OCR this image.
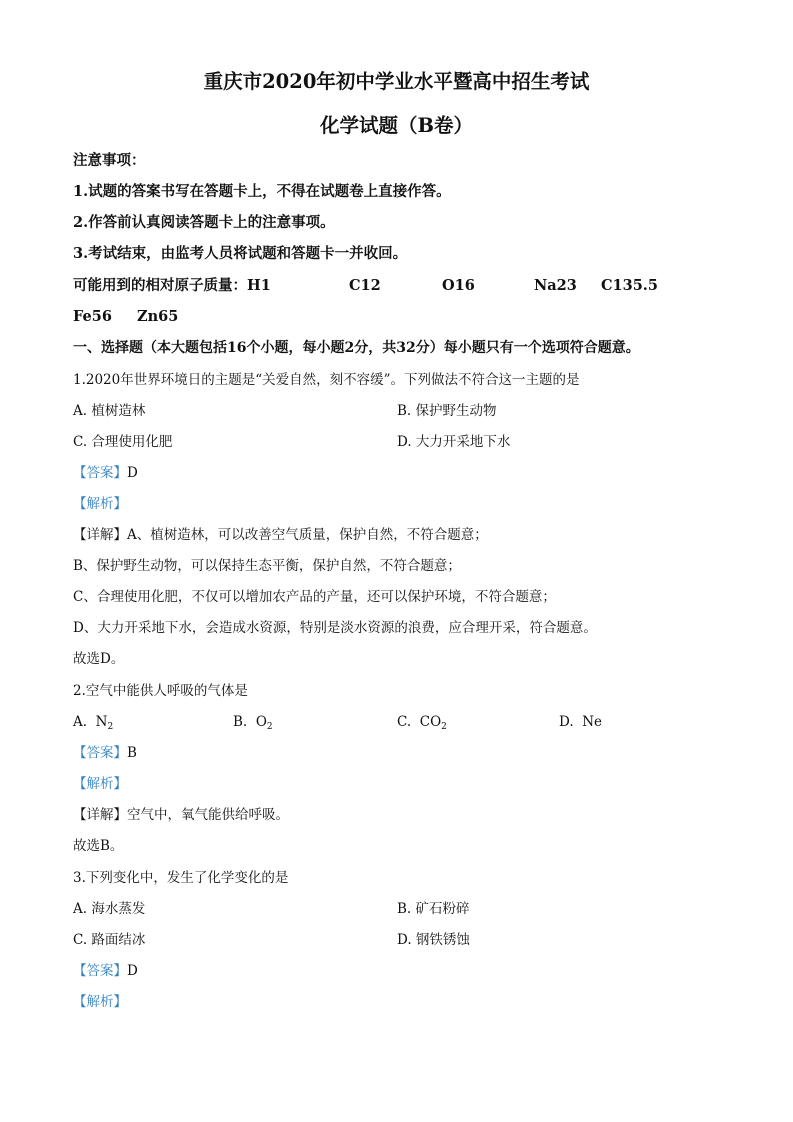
重庆市2020年初中学业水平暨高中招生考试
化学试题（B卷）
注意事项：
1.试题的答案书写在答题卡上，不得在试题卷上直接作答。
2.作答前认真阅读答题卡上的注意事项。
3.考试结束，由监考人员将试题和答题卡一并收回。
可能用到的相对原子质量：H1	C12	O16	Na23 C135.5
Fe56 Zn65
一、选择题（本大题包括16个小题，每小题2分，共32分）每小题只有一个选项符合题意。
1.2020年世界环境日的主题是“关爱自然，刻不容缓”。下列做法不符合这一主题的是
A. 植树造林	B. 保护野生动物
C. 合理使用化肥	D. 大力开采地下水
【答案】D
【解析】
【详解】A、植树造林，可以改善空气质量，保护自然，不符合题意；
B、保护野生动物，可以保持生态平衡，保护自然，不符合题意；
C、合理使用化肥，不仅可以增加农产品的产量，还可以保护环境，不符合题意；
D、大力开采地下水，会造成水资源，特别是淡水资源的浪费，应合理开采，符合题意。
故选D。
2.空气中能供人呼吸的气体是
A. $N_2$	B. $O_2$	C. $CO_2$	D. Ne
【答案】B
【解析】
【详解】空气中，氧气能供给呼吸。
故选B。
3.下列变化中，发生了化学变化的是
A. 海水蒸发	B. 矿石粉碎
C. 路面结冰	D. 钢铁锈蚀
【答案】D
【解析】
